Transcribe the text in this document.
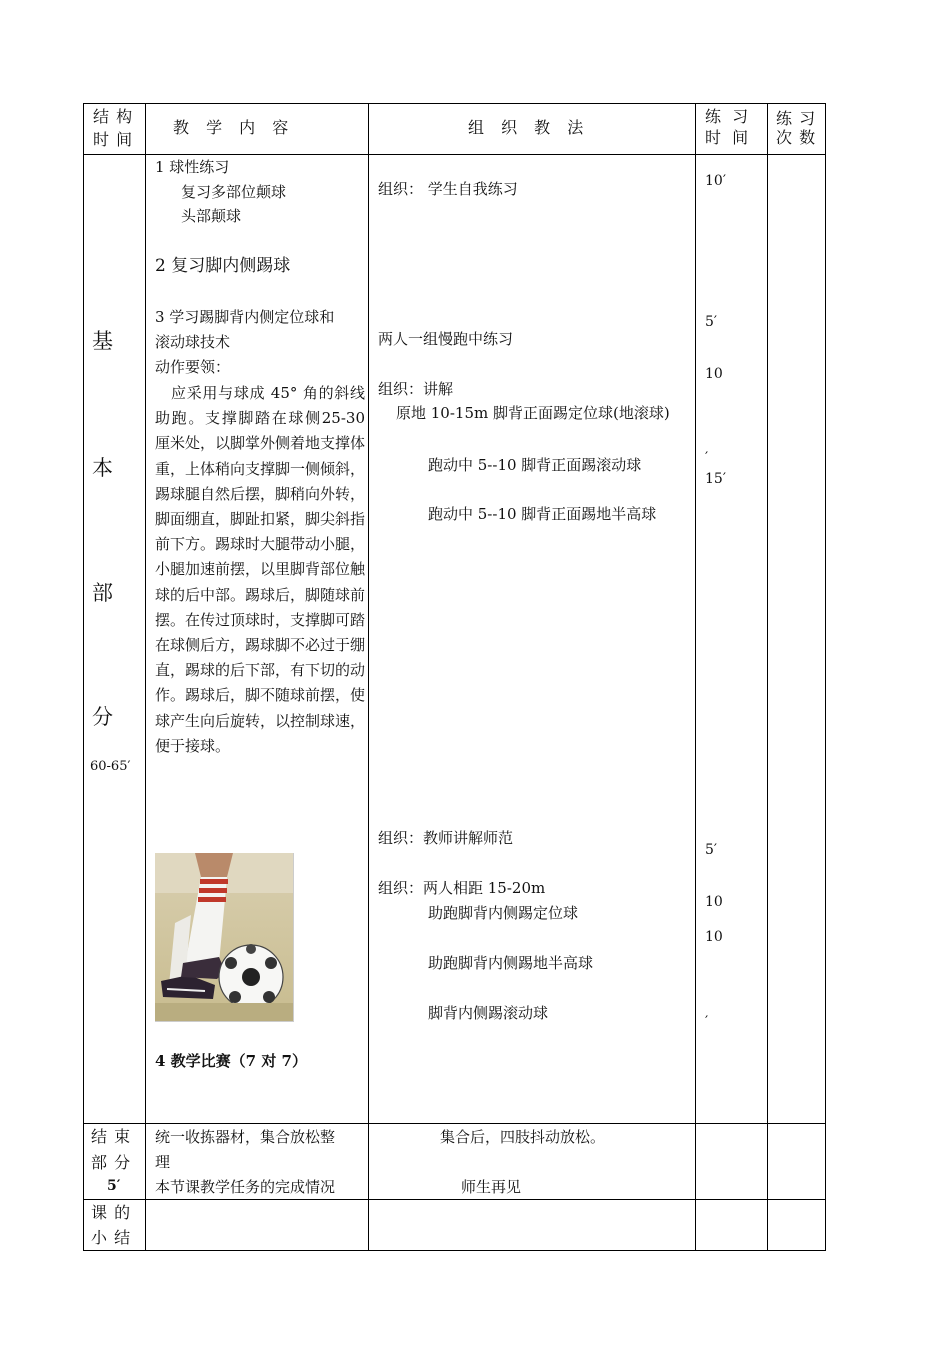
结 构
时 间
教 学 内 容	组 织 教 法
练 习
时 间
练 习
次 数
基
本
部
分
60-65′
1 球性练习
复习多部位颠球
头部颠球
2 复习脚内侧踢球
3 学习踢脚背内侧定位球和
滚动球技术
动作要领：
应采用与球成 45° 角的斜线助跑。支撑脚踏在球侧25-30 厘米处，以脚掌外侧着地支撑体重，上体稍向支撑脚一侧倾斜，踢球腿自然后摆，脚稍向外转，脚面绷直，脚趾扣紧，脚尖斜指前下方。踢球时大腿带动小腿，小腿加速前摆，以里脚背部位触球的后中部。踢球后，脚随球前摆。在传过顶球时，支撑脚可踏在球侧后方，踢球脚不必过于绷直，踢球的后下部，有下切的动作。踢球后，脚不随球前摆，使球产生向后旋转，以控制球速，便于接球。
4 教学比赛（7 对 7）
组织： 学生自我练习
两人一组慢跑中练习
组织：讲解
原地 10-15m 脚背正面踢定位球(地滚球)
跑动中 5--10 脚背正面踢滚动球
跑动中 5--10 脚背正面踢地半高球
组织：教师讲解师范
组织：两人相距 15-20m
助跑脚背内侧踢定位球
助跑脚背内侧踢地半高球
脚背内侧踢滚动球
10′
5′
10
′
15′
5′
10
10
′
结 束
部 分
5′
统一收拣器材，集合放松整
理
本节课教学任务的完成情况
集合后，四肢抖动放松。
师生再见
课 的
小 结
